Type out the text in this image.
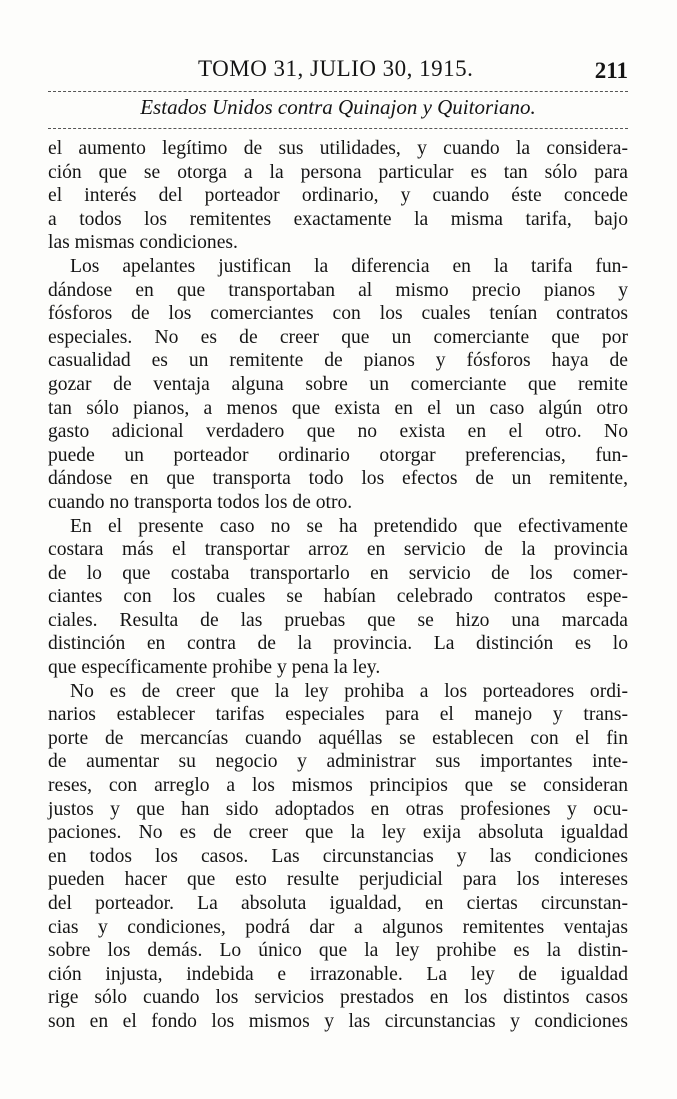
TOMO 31, JULIO 30, 1915.	211
Estados Unidos contra Quinajon y Quitoriano.
el aumento legítimo de sus utilidades, y cuando la considera-
ción que se otorga a la persona particular es tan sólo para
el interés del porteador ordinario, y cuando éste concede
a todos los remitentes exactamente la misma tarifa, bajo
las mismas condiciones.
Los apelantes justifican la diferencia en la tarifa fun-
dándose en que transportaban al mismo precio pianos y
fósforos de los comerciantes con los cuales tenían contratos
especiales. No es de creer que un comerciante que por
casualidad es un remitente de pianos y fósforos haya de
gozar de ventaja alguna sobre un comerciante que remite
tan sólo pianos, a menos que exista en el un caso algún otro
gasto adicional verdadero que no exista en el otro. No
puede un porteador ordinario otorgar preferencias, fun-
dándose en que transporta todo los efectos de un remitente,
cuando no transporta todos los de otro.
En el presente caso no se ha pretendido que efectivamente
costara más el transportar arroz en servicio de la provincia
de lo que costaba transportarlo en servicio de los comer-
ciantes con los cuales se habían celebrado contratos espe-
ciales. Resulta de las pruebas que se hizo una marcada
distinción en contra de la provincia. La distinción es lo
que específicamente prohibe y pena la ley.
No es de creer que la ley prohiba a los porteadores ordi-
narios establecer tarifas especiales para el manejo y trans-
porte de mercancías cuando aquéllas se establecen con el fin
de aumentar su negocio y administrar sus importantes inte-
reses, con arreglo a los mismos principios que se consideran
justos y que han sido adoptados en otras profesiones y ocu-
paciones. No es de creer que la ley exija absoluta igualdad
en todos los casos. Las circunstancias y las condiciones
pueden hacer que esto resulte perjudicial para los intereses
del porteador. La absoluta igualdad, en ciertas circunstan-
cias y condiciones, podrá dar a algunos remitentes ventajas
sobre los demás. Lo único que la ley prohibe es la distin-
ción injusta, indebida e irrazonable. La ley de igualdad
rige sólo cuando los servicios prestados en los distintos casos
son en el fondo los mismos y las circunstancias y condiciones
